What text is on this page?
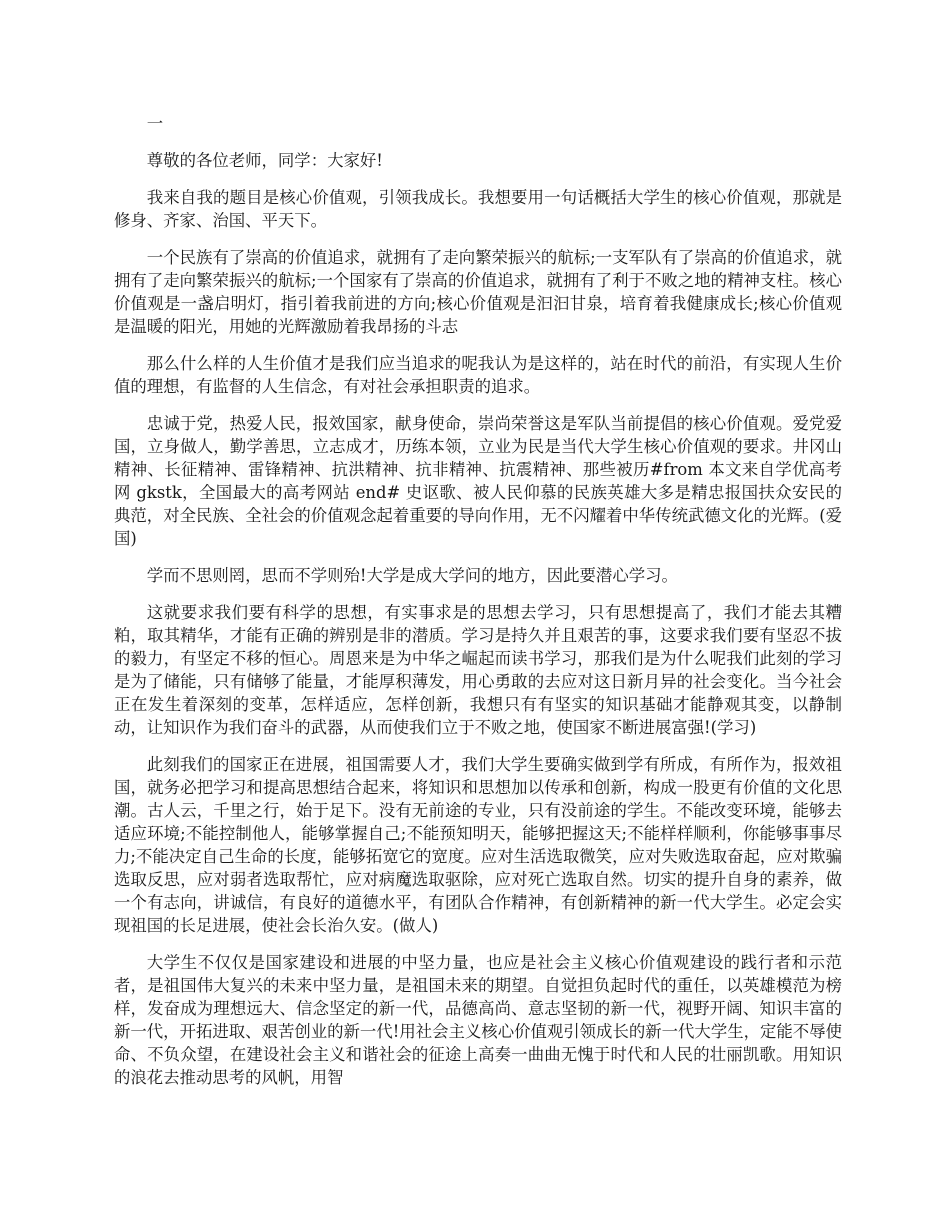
一

尊敬的各位老师，同学：大家好!

我来自我的题目是核心价值观，引领我成长。我想要用一句话概括大学生的核心价值观，那就是修身、齐家、治国、平天下。

一个民族有了崇高的价值追求，就拥有了走向繁荣振兴的航标;一支军队有了崇高的价值追求，就拥有了走向繁荣振兴的航标;一个国家有了崇高的价值追求，就拥有了利于不败之地的精神支柱。核心价值观是一盏启明灯，指引着我前进的方向;核心价值观是汩汩甘泉，培育着我健康成长;核心价值观是温暖的阳光，用她的光辉激励着我昂扬的斗志

那么什么样的人生价值才是我们应当追求的呢我认为是这样的，站在时代的前沿，有实现人生价值的理想，有监督的人生信念，有对社会承担职责的追求。

忠诚于党，热爱人民，报效国家，献身使命，崇尚荣誉这是军队当前提倡的核心价值观。爱党爱国，立身做人，勤学善思，立志成才，历练本领，立业为民是当代大学生核心价值观的要求。井冈山精神、长征精神、雷锋精神、抗洪精神、抗非精神、抗震精神、那些被历#from 本文来自学优高考网 gkstk，全国最大的高考网站 end# 史讴歌、被人民仰慕的民族英雄大多是精忠报国扶众安民的典范，对全民族、全社会的价值观念起着重要的导向作用，无不闪耀着中华传统武德文化的光辉。(爱国)

学而不思则罔，思而不学则殆!大学是成大学问的地方，因此要潜心学习。

这就要求我们要有科学的思想，有实事求是的思想去学习，只有思想提高了，我们才能去其糟粕，取其精华，才能有正确的辨别是非的潜质。学习是持久并且艰苦的事，这要求我们要有坚忍不拔的毅力，有坚定不移的恒心。周恩来是为中华之崛起而读书学习，那我们是为什么呢我们此刻的学习是为了储能，只有储够了能量，才能厚积薄发，用心勇敢的去应对这日新月异的社会变化。当今社会正在发生着深刻的变革，怎样适应，怎样创新，我想只有有坚实的知识基础才能静观其变，以静制动，让知识作为我们奋斗的武器，从而使我们立于不败之地，使国家不断进展富强!(学习)

此刻我们的国家正在进展，祖国需要人才，我们大学生要确实做到学有所成，有所作为，报效祖国，就务必把学习和提高思想结合起来，将知识和思想加以传承和创新，构成一股更有价值的文化思潮。古人云，千里之行，始于足下。没有无前途的专业，只有没前途的学生。不能改变环境，能够去适应环境;不能控制他人，能够掌握自己;不能预知明天，能够把握这天;不能样样顺利，你能够事事尽力;不能决定自己生命的长度，能够拓宽它的宽度。应对生活选取微笑，应对失败选取奋起，应对欺骗选取反思，应对弱者选取帮忙，应对病魔选取驱除，应对死亡选取自然。切实的提升自身的素养，做一个有志向，讲诚信，有良好的道德水平，有团队合作精神，有创新精神的新一代大学生。必定会实现祖国的长足进展，使社会长治久安。(做人)

大学生不仅仅是国家建设和进展的中坚力量，也应是社会主义核心价值观建设的践行者和示范者，是祖国伟大复兴的未来中坚力量，是祖国未来的期望。自觉担负起时代的重任，以英雄模范为榜样，发奋成为理想远大、信念坚定的新一代，品德高尚、意志坚韧的新一代，视野开阔、知识丰富的新一代，开拓进取、艰苦创业的新一代!用社会主义核心价值观引领成长的新一代大学生，定能不辱使命、不负众望，在建设社会主义和谐社会的征途上高奏一曲曲无愧于时代和人民的壮丽凯歌。用知识的浪花去推动思考的风帆，用智
